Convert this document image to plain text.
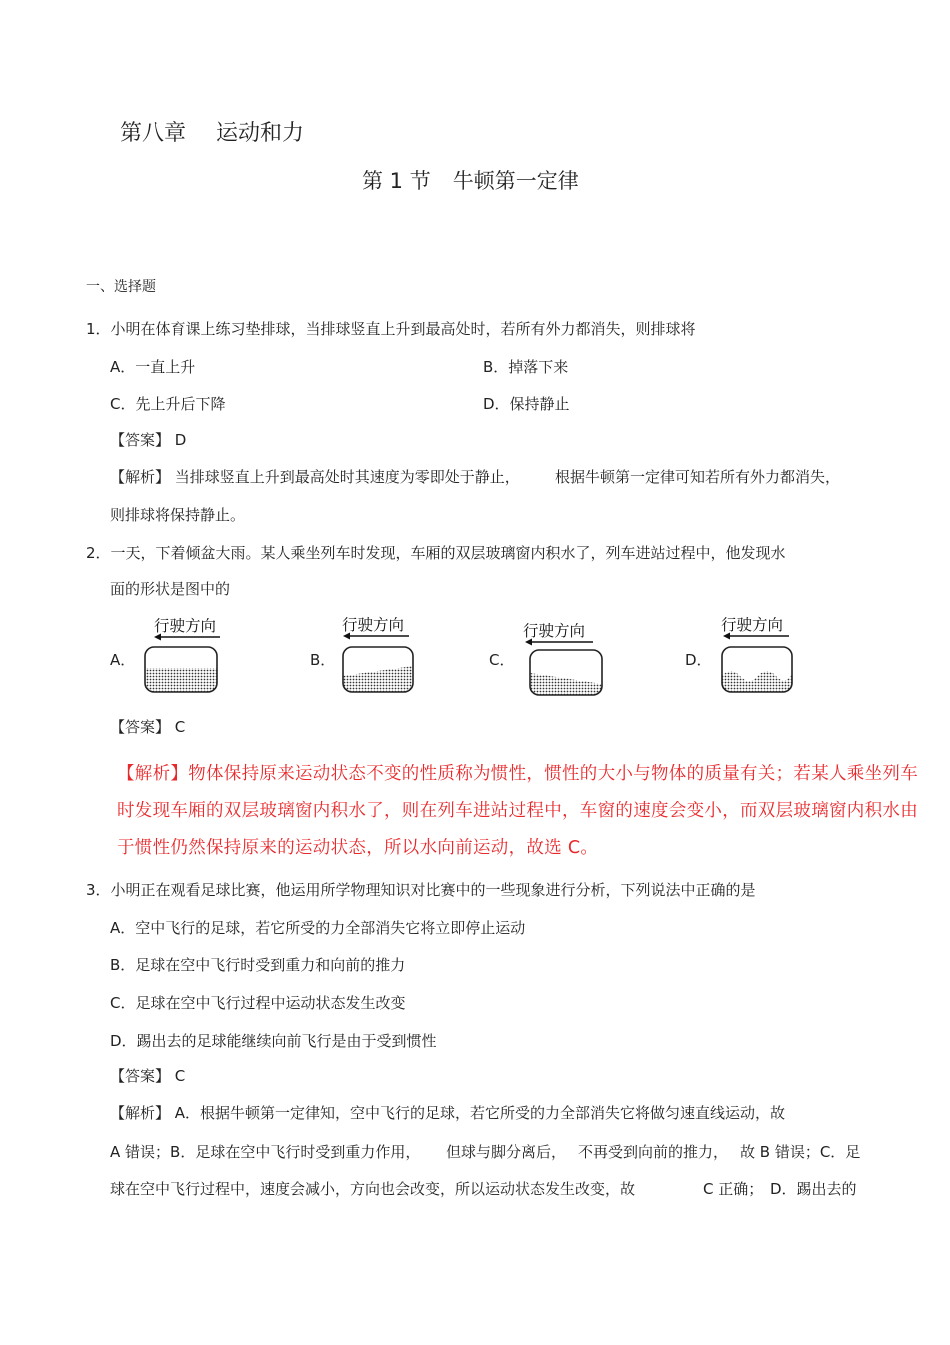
第八章 运动和力
第 1 节 牛顿第一定律
一、选择题
1．小明在体育课上练习垫排球，当排球竖直上升到最高处时，若所有外力都消失，则排球将
A．一直上升	B．掉落下来
C．先上升后下降	D．保持静止
【答案】 D
【解析】 当排球竖直上升到最高处时其速度为零即处于静止， 根据牛顿第一定律可知若所有外力都消失，
则排球将保持静止。
2．一天，下着倾盆大雨。某人乘坐列车时发现，车厢的双层玻璃窗内积水了，列车进站过程中，他发现水
面的形状是图中的
A．
行驶方向
B．
行驶方向
C．
行驶方向
D．
行驶方向
【答案】 C
【解析】物体保持原来运动状态不变的性质称为惯性，惯性的大小与物体的质量有关；若某人乘坐列车
时发现车厢的双层玻璃窗内积水了，则在列车进站过程中，车窗的速度会变小，而双层玻璃窗内积水由
于惯性仍然保持原来的运动状态，所以水向前运动，故选 C。
3．小明正在观看足球比赛，他运用所学物理知识对比赛中的一些现象进行分析，下列说法中正确的是
A．空中飞行的足球，若它所受的力全部消失它将立即停止运动
B．足球在空中飞行时受到重力和向前的推力
C．足球在空中飞行过程中运动状态发生改变
D．踢出去的足球能继续向前飞行是由于受到惯性
【答案】 C
【解析】 A．根据牛顿第一定律知，空中飞行的足球，若它所受的力全部消失它将做匀速直线运动，故
A 错误；B．足球在空中飞行时受到重力作用， 但球与脚分离后， 不再受到向前的推力， 故 B 错误；C．足
球在空中飞行过程中，速度会减小，方向也会改变，所以运动状态发生改变，故	C 正确； D．踢出去的
